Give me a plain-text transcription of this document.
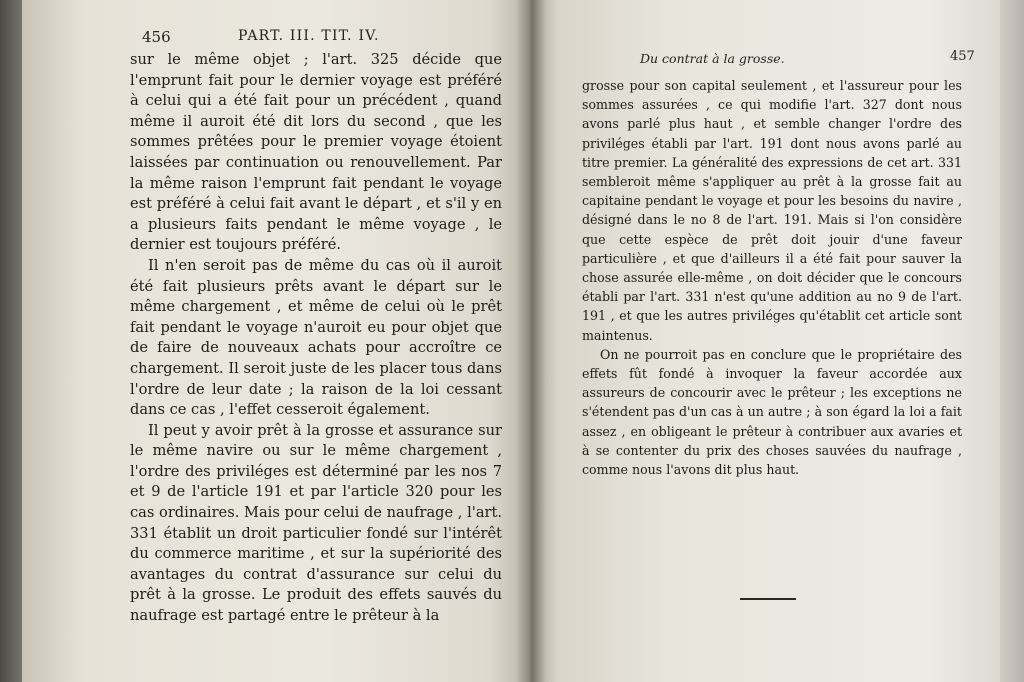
456	PART. III. TIT. IV.

sur le même objet ; l'art. 325 décide que l'emprunt fait pour le dernier voyage est préféré à celui qui a été fait pour un précédent , quand même il auroit été dit lors du second , que les sommes prêtées pour le premier voyage étoient laissées par continuation ou renouvellement. Par la même raison l'emprunt fait pendant le voyage est préféré à celui fait avant le départ , et s'il y en a plusieurs faits pendant le même voyage , le dernier est toujours préféré.

Il n'en seroit pas de même du cas où il auroit été fait plusieurs prêts avant le départ sur le même chargement , et même de celui où le prêt fait pendant le voyage n'auroit eu pour objet que de faire de nouveaux achats pour accroître ce chargement. Il seroit juste de les placer tous dans l'ordre de leur date ; la raison de la loi cessant dans ce cas , l'effet cesseroit également.

Il peut y avoir prêt à la grosse et assurance sur le même navire ou sur le même chargement , l'ordre des priviléges est déterminé par les nos 7 et 9 de l'article 191 et par l'article 320 pour les cas ordinaires. Mais pour celui de naufrage , l'art. 331 établit un droit particulier fondé sur l'intérêt du commerce maritime , et sur la supériorité des avantages du contrat d'assurance sur celui du prêt à la grosse. Le produit des effets sauvés du naufrage est partagé entre le prêteur à la

Du contrat à la grosse.	457

grosse pour son capital seulement , et l'assureur pour les sommes assurées , ce qui modifie l'art. 327 dont nous avons parlé plus haut , et semble changer l'ordre des priviléges établi par l'art. 191 dont nous avons parlé au titre premier. La généralité des expressions de cet art. 331 sembleroit même s'appliquer au prêt à la grosse fait au capitaine pendant le voyage et pour les besoins du navire , désigné dans le no 8 de l'art. 191. Mais si l'on considère que cette espèce de prêt doit jouir d'une faveur particulière , et que d'ailleurs il a été fait pour sauver la chose assurée elle-même , on doit décider que le concours établi par l'art. 331 n'est qu'une addition au no 9 de l'art. 191 , et que les autres priviléges qu'établit cet article sont maintenus.

On ne pourroit pas en conclure que le propriétaire des effets fût fondé à invoquer la faveur accordée aux assureurs de concourir avec le prêteur ; les exceptions ne s'étendent pas d'un cas à un autre ; à son égard la loi a fait assez , en obligeant le prêteur à contribuer aux avaries et à se contenter du prix des choses sauvées du naufrage , comme nous l'avons dit plus haut.
